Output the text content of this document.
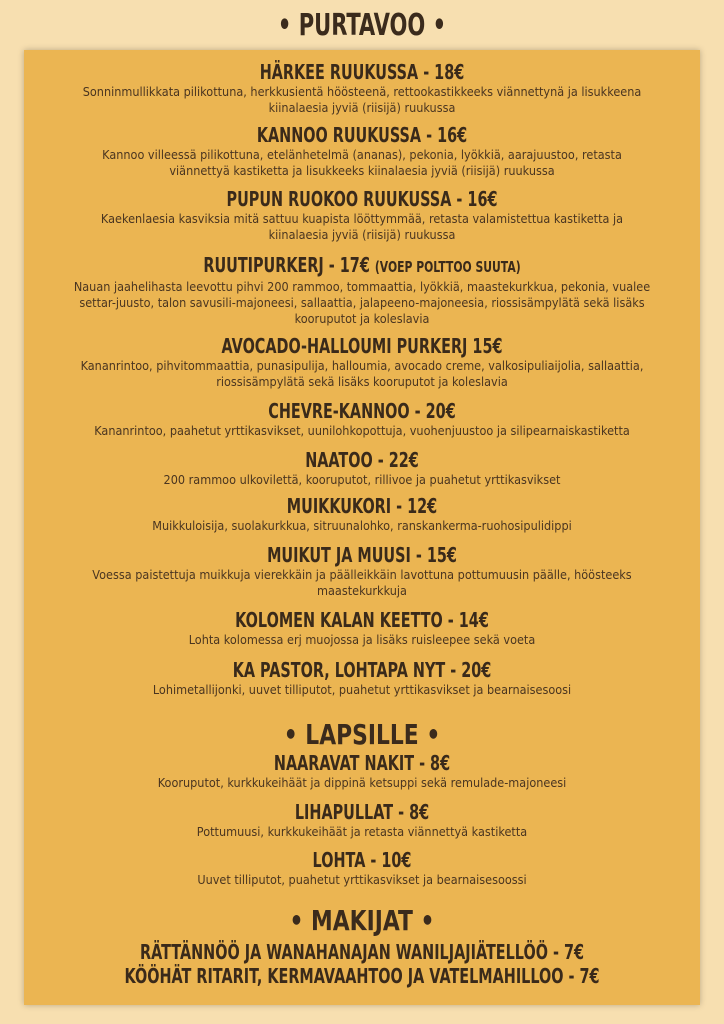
• PURTAVOO •
HÄRKEE RUUKUSSA - 18€
Sonninmullikkata pilikottuna, herkkusientä höösteenä, rettookastikkeeks viännettynä ja lisukkeena kiinalaesia jyviä (riisijä) ruukussa
KANNOO RUUKUSSA - 16€
Kannoo villeessä pilikottuna, etelänhetelmä (ananas), pekonia, lyökkiä, aarajuustoo, retasta viännettyä kastiketta ja lisukkeeks kiinalaesia jyviä (riisijä) ruukussa
PUPUN RUOKOO RUUKUSSA - 16€
Kaekenlaesia kasviksia mitä sattuu kuapista lööttymmää, retasta valamistettua kastiketta ja kiinalaesia jyviä (riisijä) ruukussa
RUUTIPURKERJ - 17€ (VOEP POLTTOO SUUTA)
Nauan jaahelihasta leevottu pihvi 200 rammoo, tommaattia, lyökkiä, maastekurkkua, pekonia, vualee settar-juusto, talon savusili-majoneesi, sallaattia, jalapeeno-majoneesia, riossisämpylätä sekä lisäks kooruputot ja koleslavia
AVOCADO-HALLOUMI PURKERJ 15€
Kananrintoo, pihvitommaattia, punasipulija, halloumia, avocado creme, valkosipuliaijolia, sallaattia, riossisämpylätä sekä lisäks kooruputot ja koleslavia
CHEVRE-KANNOO - 20€
Kananrintoo, paahetut yrttikasvikset, uunilohkopottuja, vuohenjuustoo ja silipearnaiskastiketta
NAATOO - 22€
200 rammoo ulkovilettä, kooruputot, rillivoe ja puahetut yrttikasvikset
MUIKKUKORI - 12€
Muikkuloisija, suolakurkkua, sitruunalohko, ranskankerma-ruohosipulidippi
MUIKUT JA MUUSI - 15€
Voessa paistettuja muikkuja vierekkäin ja päälleikkäin lavottuna pottumuusin päälle, höösteeks maastekurkkuja
KOLOMEN KALAN KEETTO - 14€
Lohta kolomessa erj muojossa ja lisäks ruisleepee sekä voeta
KA PASTOR, LOHTAPA NYT - 20€
Lohimetallijonki, uuvet tilliputot, puahetut yrttikasvikset ja bearnaisesoosi
• LAPSILLE •
NAARAVAT NAKIT - 8€
Kooruputot, kurkkukeihäät ja dippinä ketsuppi sekä remulade-majoneesi
LIHAPULLAT - 8€
Pottumuusi, kurkkukeihäät ja retasta viännettyä kastiketta
LOHTA - 10€
Uuvet tilliputot, puahetut yrttikasvikset ja bearnaisesoossi
• MAKIJAT •
RÄTTÄNNÖÖ JA WANAHANAJAN WANILJAJIÄTELLÖÖ - 7€
KÖÖHÄT RITARIT, KERMAVAAHTOO JA VATELMAHILLOO - 7€
